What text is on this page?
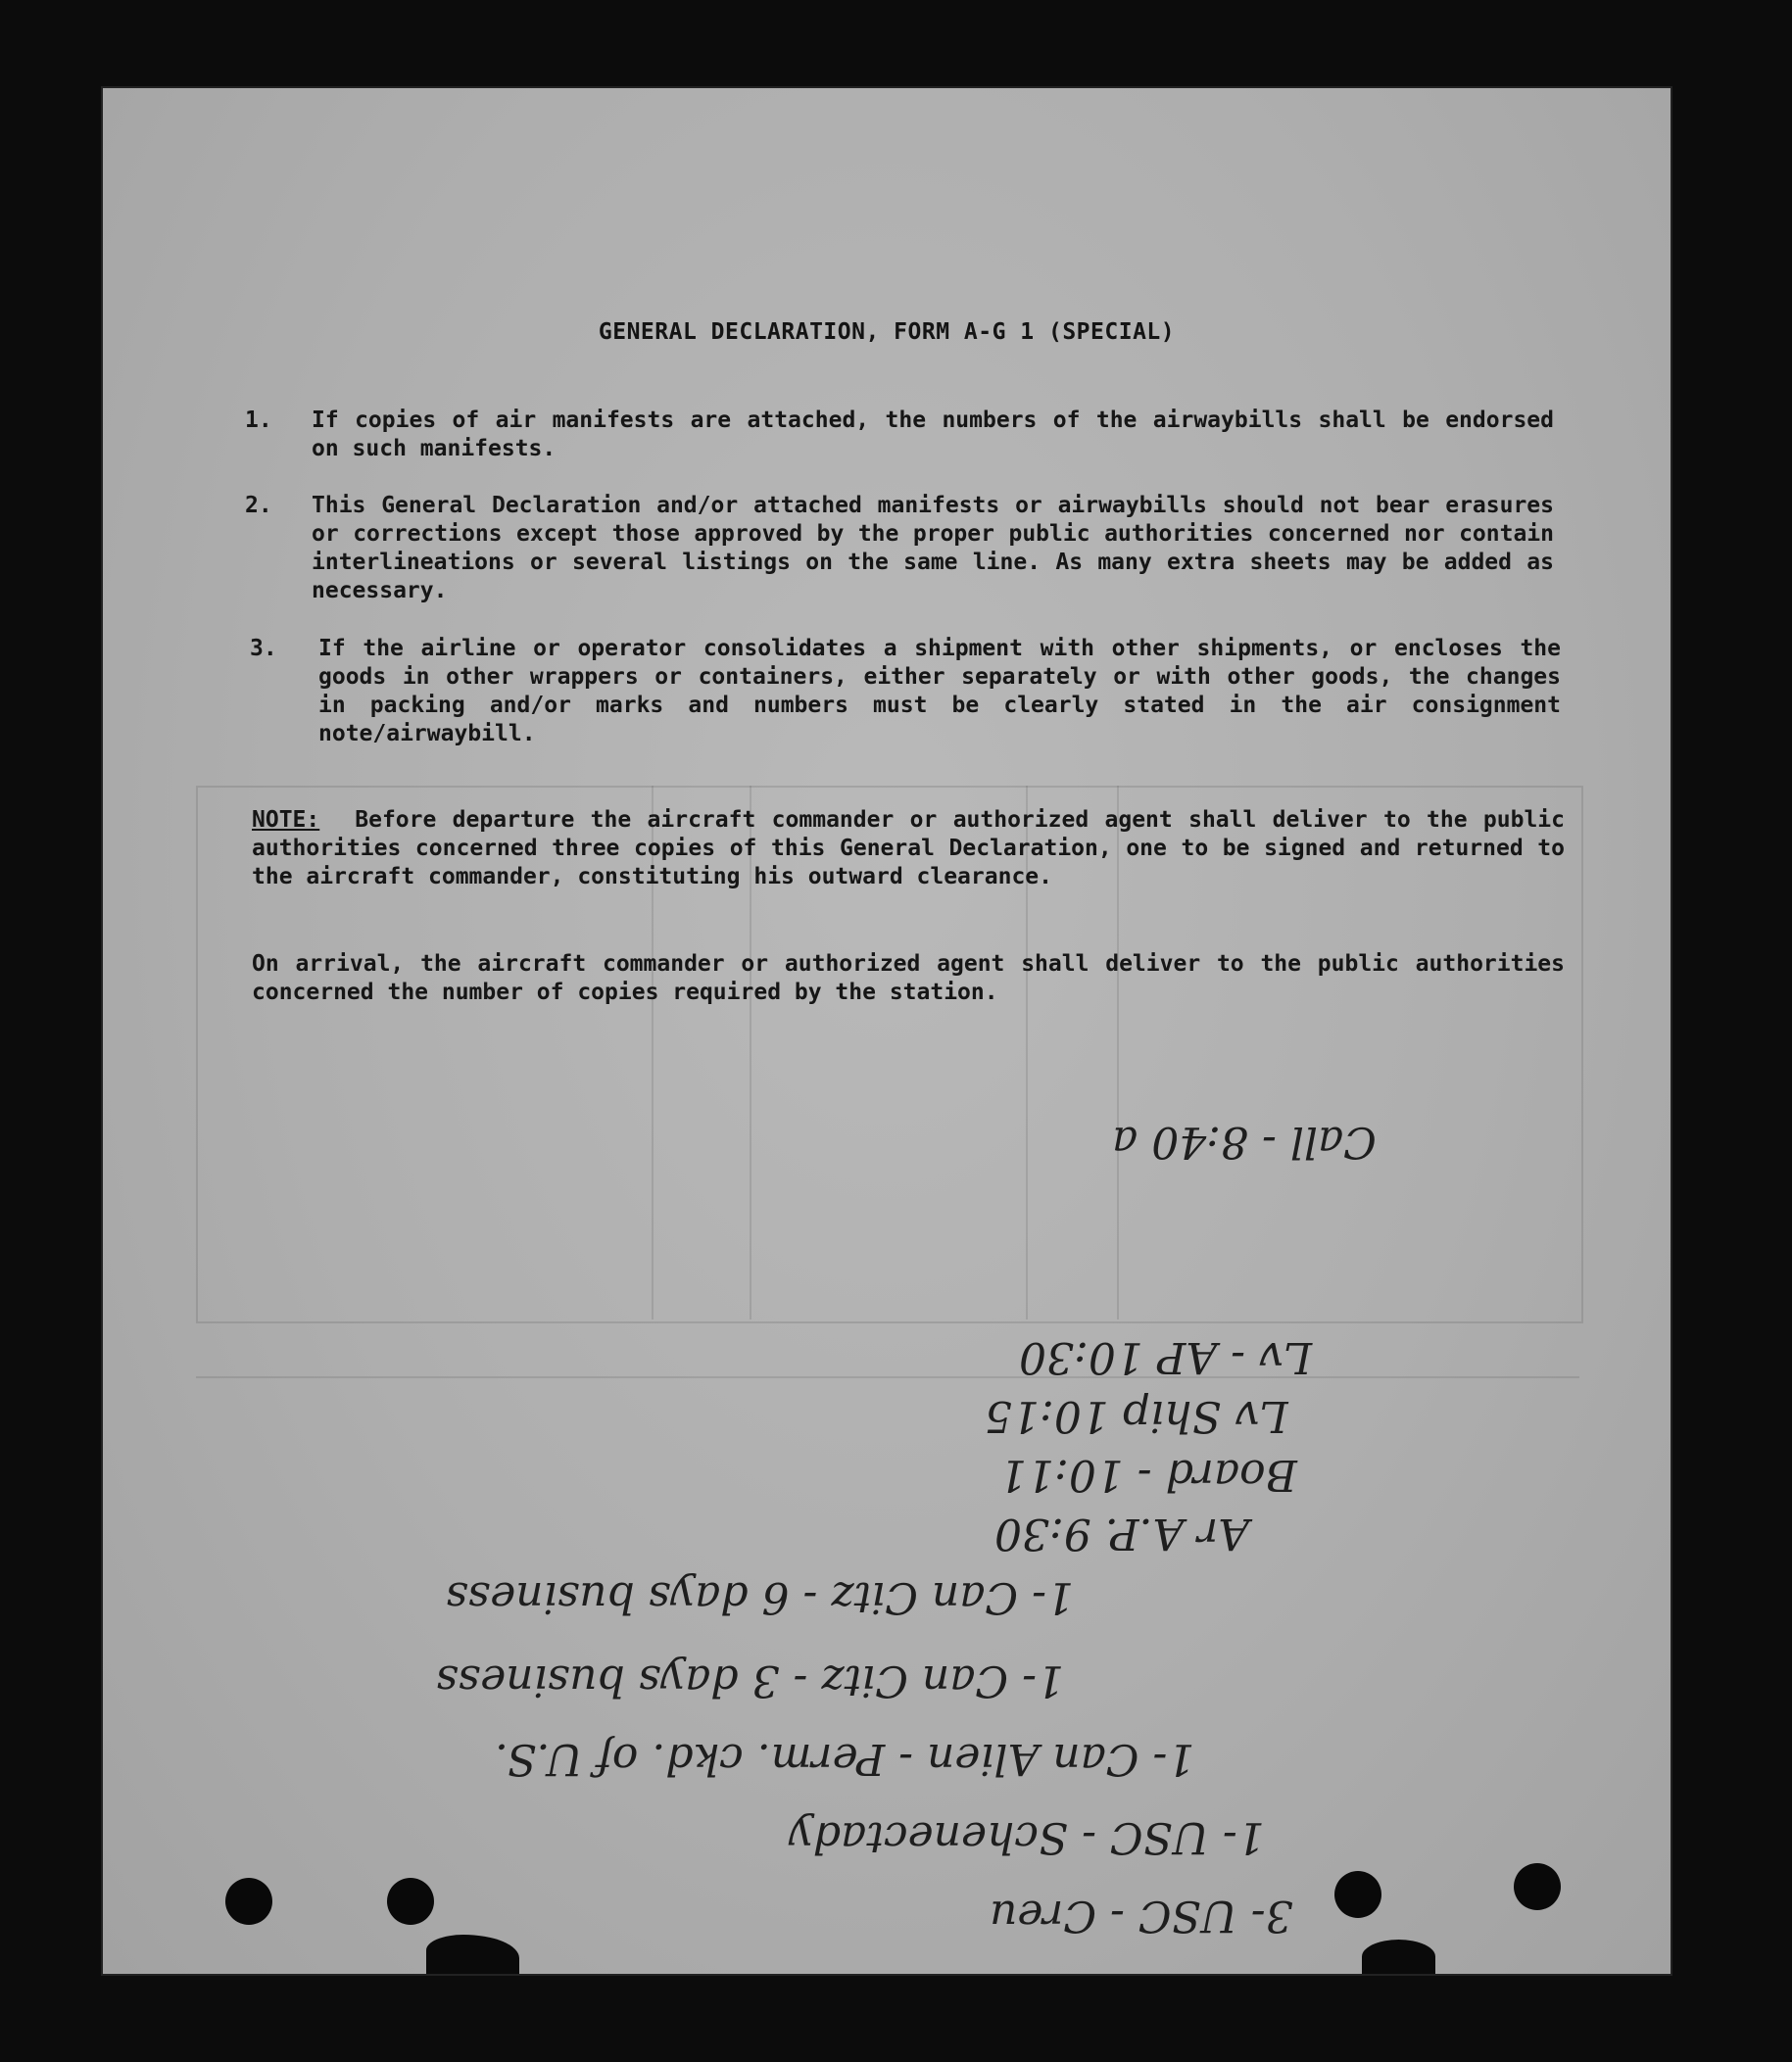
GENERAL DECLARATION, FORM A-G 1 (SPECIAL)
1. If copies of air manifests are attached, the numbers of the airwaybills shall be endorsed on such manifests.
2. This General Declaration and/or attached manifests or airwaybills should not bear erasures or corrections except those approved by the proper public authorities concerned nor contain interlineations or several listings on the same line. As many extra sheets may be added as necessary.
3. If the airline or operator consolidates a shipment with other shipments, or encloses the goods in other wrappers or containers, either separately or with other goods, the changes in packing and/or marks and numbers must be clearly stated in the air consignment note/airwaybill.
NOTE: Before departure the aircraft commander or authorized agent shall deliver to the public authorities concerned three copies of this General Declaration, one to be signed and returned to the aircraft commander, constituting his outward clearance.
On arrival, the aircraft commander or authorized agent shall deliver to the public authorities concerned the number of copies required by the station.
Call - 8:40 a
Lv - AP 10:30
Lv Ship 10:15
Board - 10:11
Ar A.P. 9:30
1- Can Citz - 6 days business
1- Can Citz - 3 days business
1- Can Alien - Perm. ckd. of U.S.
1- USC - Schenectady
3- USC - Creu
